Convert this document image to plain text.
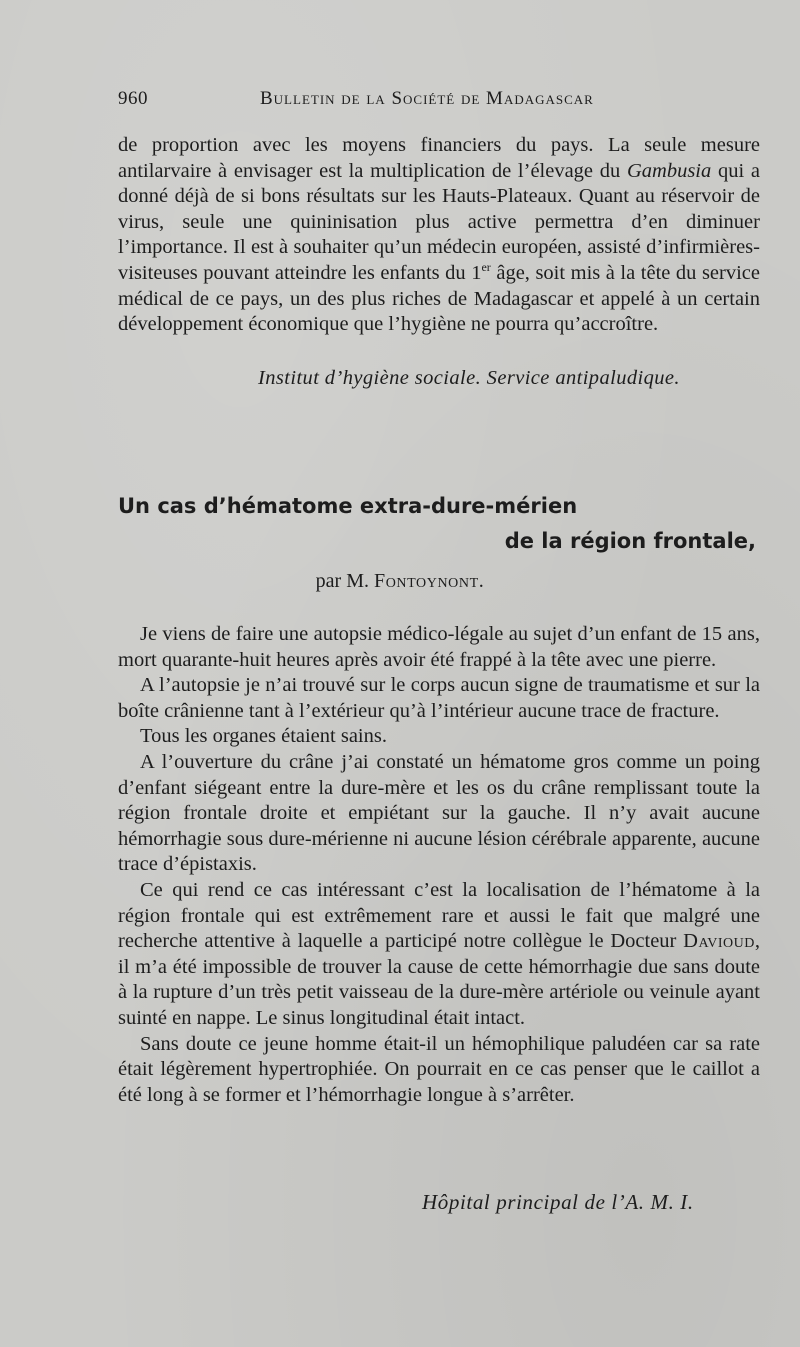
960	Bulletin de la Société de Madagascar

de proportion avec les moyens financiers du pays. La seule mesure antilarvaire à envisager est la multiplication de l’élevage du Gambusia qui a donné déjà de si bons résultats sur les Hauts-Plateaux. Quant au réservoir de virus, seule une quininisation plus active permettra d’en diminuer l’importance. Il est à souhaiter qu’un médecin européen, assisté d’infirmières-visiteuses pouvant atteindre les enfants du 1er âge, soit mis à la tête du service médical de ce pays, un des plus riches de Madagascar et appelé à un certain développement économique que l’hygiène ne pourra qu’accroître.

Institut d’hygiène sociale. Service antipaludique.
Un cas d’hématome extra-dure-mérien
de la région frontale,
par M. Fontoynont.

Je viens de faire une autopsie médico-légale au sujet d’un enfant de 15 ans, mort quarante-huit heures après avoir été frappé à la tête avec une pierre.

A l’autopsie je n’ai trouvé sur le corps aucun signe de traumatisme et sur la boîte crânienne tant à l’extérieur qu’à l’intérieur aucune trace de fracture.

Tous les organes étaient sains.

A l’ouverture du crâne j’ai constaté un hématome gros comme un poing d’enfant siégeant entre la dure-mère et les os du crâne remplissant toute la région frontale droite et empiétant sur la gauche. Il n’y avait aucune hémorrhagie sous dure-mérienne ni aucune lésion cérébrale apparente, aucune trace d’épistaxis.

Ce qui rend ce cas intéressant c’est la localisation de l’hématome à la région frontale qui est extrêmement rare et aussi le fait que malgré une recherche attentive à laquelle a participé notre collègue le Docteur Davioud, il m’a été impossible de trouver la cause de cette hémorrhagie due sans doute à la rupture d’un très petit vaisseau de la dure-mère artériole ou veinule ayant suinté en nappe. Le sinus longitudinal était intact.

Sans doute ce jeune homme était-il un hémophilique paludéen car sa rate était légèrement hypertrophiée. On pourrait en ce cas penser que le caillot a été long à se former et l’hémorrhagie longue à s’arrêter.

Hôpital principal de l’A. M. I.
